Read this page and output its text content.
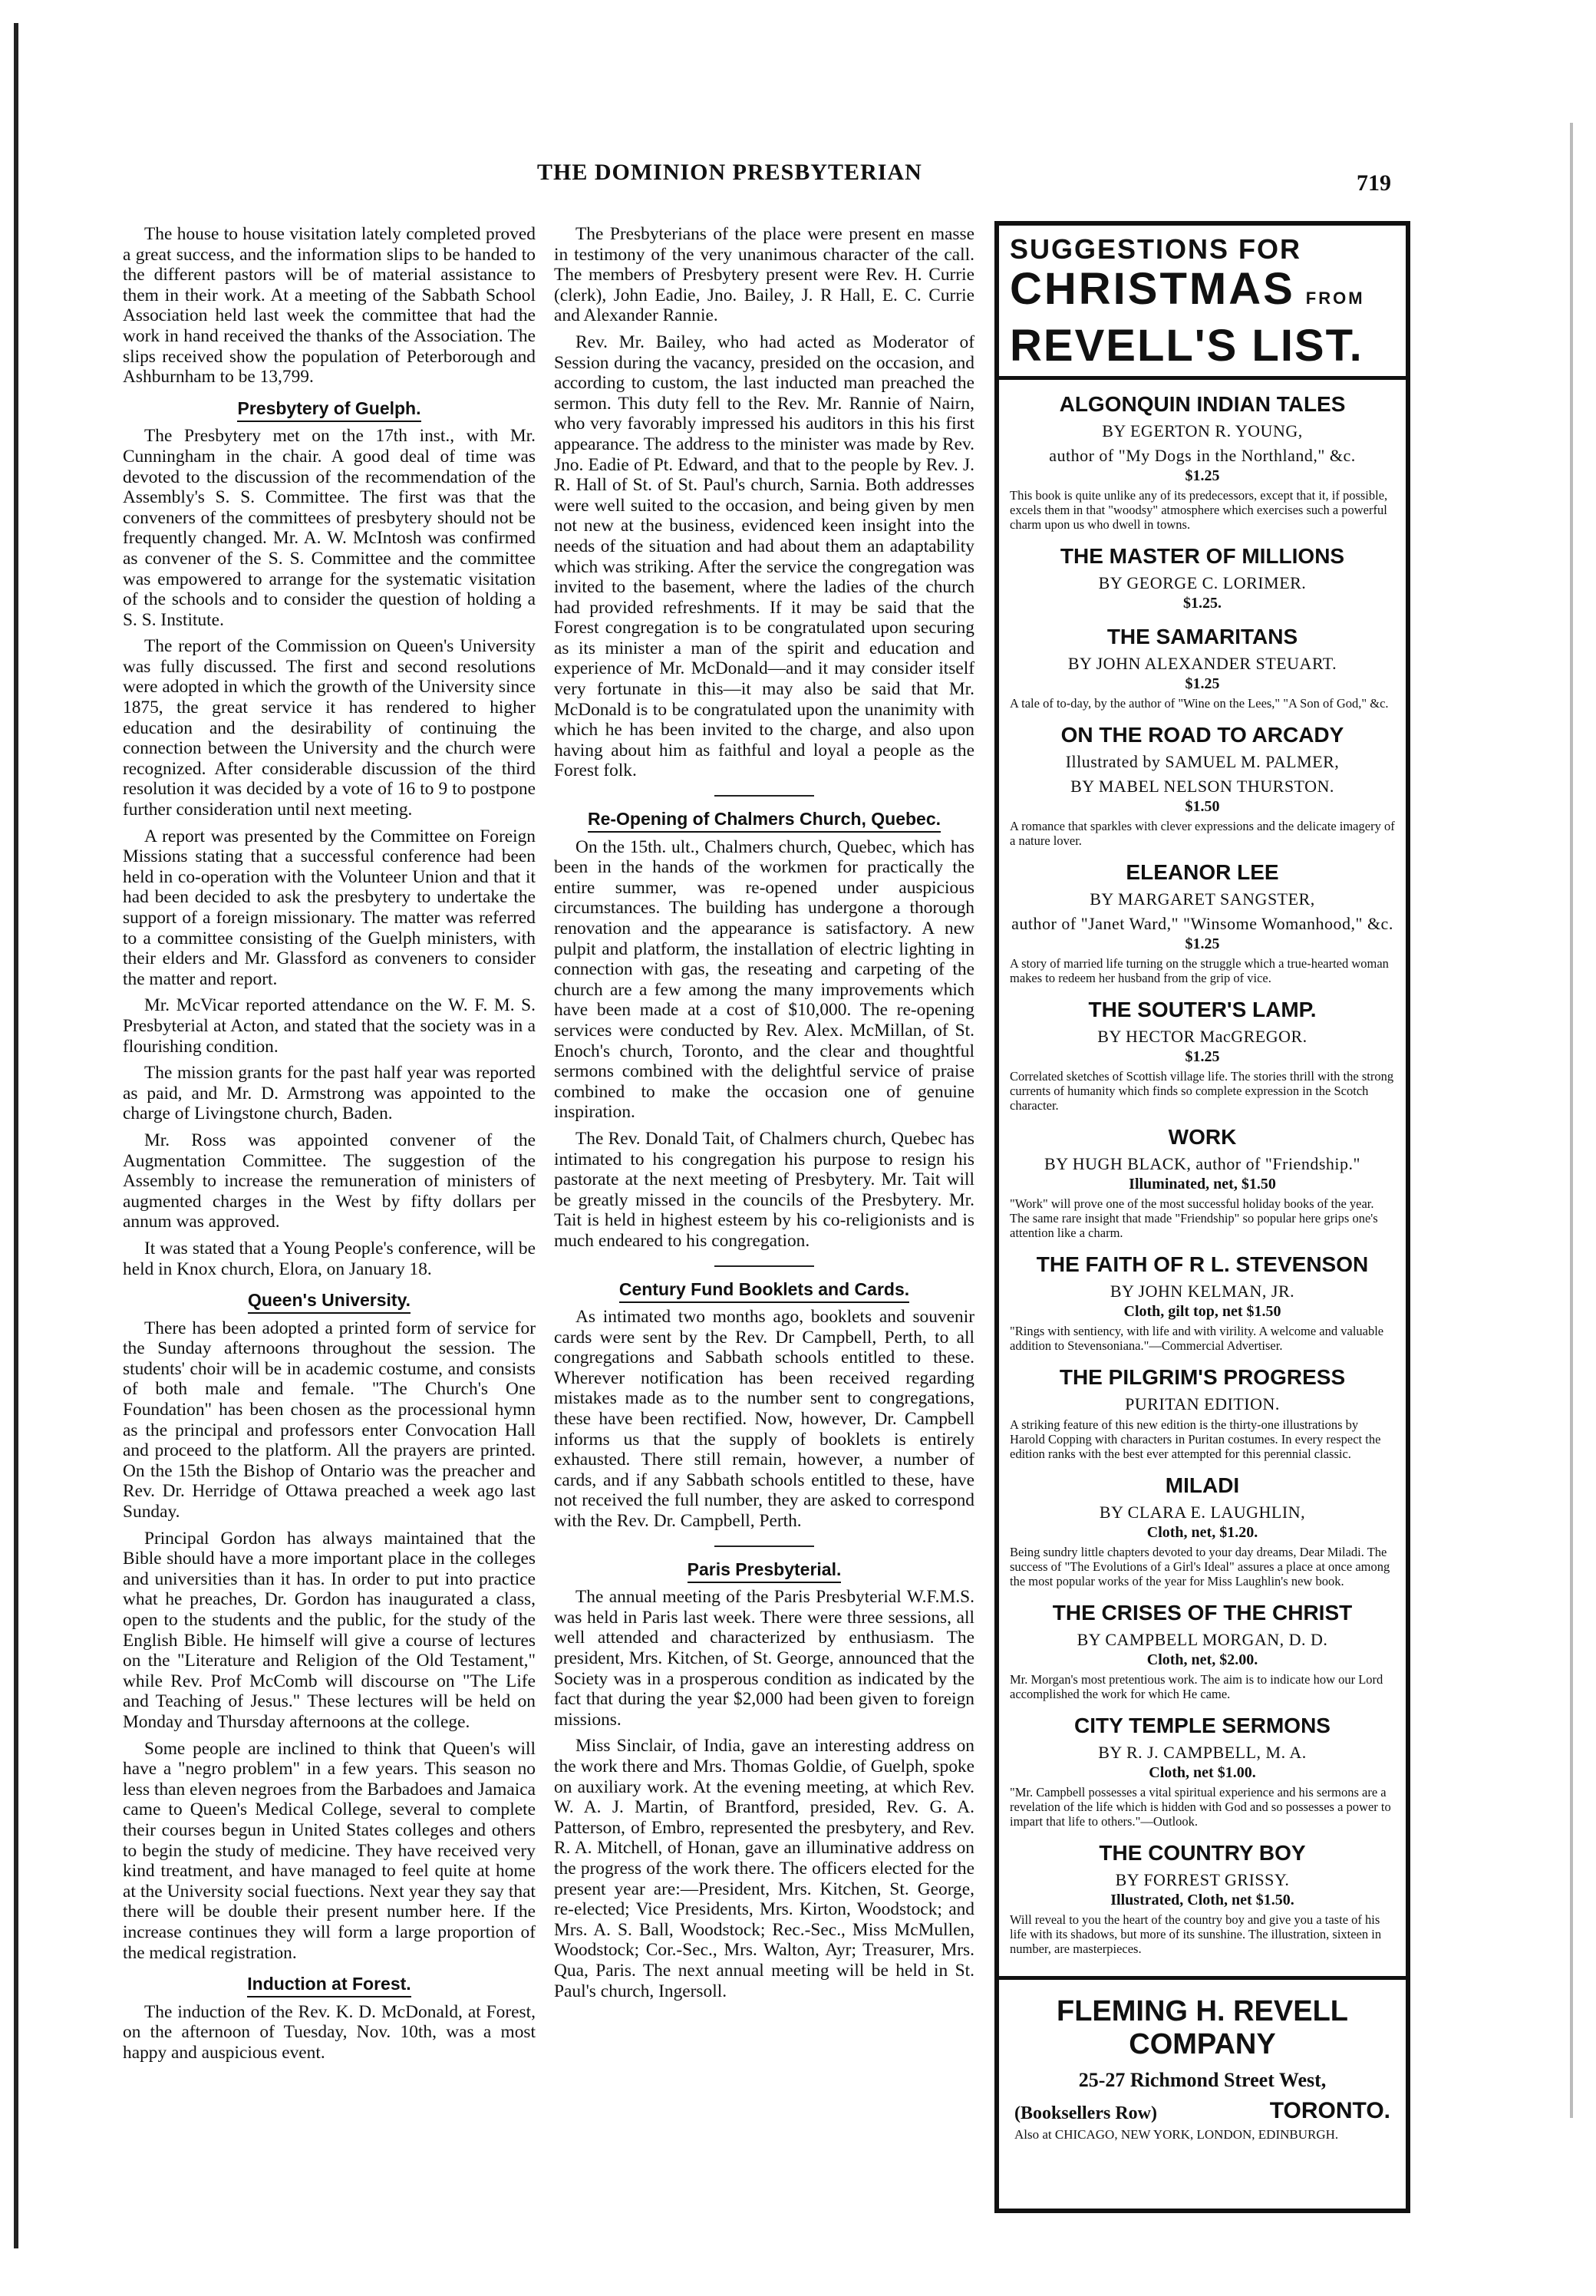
THE DOMINION PRESBYTERIAN	719

The house to house visitation lately completed proved a great success, and the information slips to be handed to the different pastors will be of material assistance to them in their work. At a meeting of the Sabbath School Association held last week the committee that had the work in hand received the thanks of the Association. The slips received show the population of Peterborough and Ashburnham to be 13,799.

Presbytery of Guelph.

The Presbytery met on the 17th inst., with Mr. Cunningham in the chair. A good deal of time was devoted to the discussion of the recommendation of the Assembly's S. S. Committee. The first was that the conveners of the committees of presbytery should not be frequently changed. Mr. A. W. McIntosh was confirmed as convener of the S. S. Committee and the committee was empowered to arrange for the systematic visitation of the schools and to consider the question of holding a S. S. Institute.

The report of the Commission on Queen's University was fully discussed. The first and second resolutions were adopted in which the growth of the University since 1875, the great service it has rendered to higher education and the desirability of continuing the connection between the University and the church were recognized. After considerable discussion of the third resolution it was decided by a vote of 16 to 9 to postpone further consideration until next meeting.

A report was presented by the Committee on Foreign Missions stating that a successful conference had been held in co-operation with the Volunteer Union and that it had been decided to ask the presbytery to undertake the support of a foreign missionary. The matter was referred to a committee consisting of the Guelph ministers, with their elders and Mr. Glassford as conveners to consider the matter and report.

Mr. McVicar reported attendance on the W. F. M. S. Presbyterial at Acton, and stated that the society was in a flourishing condition.

The mission grants for the past half year was reported as paid, and Mr. D. Armstrong was appointed to the charge of Livingstone church, Baden.

Mr. Ross was appointed convener of the Augmentation Committee. The suggestion of the Assembly to increase the remuneration of ministers of augmented charges in the West by fifty dollars per annum was approved.

It was stated that a Young People's conference, will be held in Knox church, Elora, on January 18.

Queen's University.

There has been adopted a printed form of service for the Sunday afternoons throughout the session. The students' choir will be in academic costume, and consists of both male and female. "The Church's One Foundation" has been chosen as the processional hymn as the principal and professors enter Convocation Hall and proceed to the platform. All the prayers are printed. On the 15th the Bishop of Ontario was the preacher and Rev. Dr. Herridge of Ottawa preached a week ago last Sunday.

Principal Gordon has always maintained that the Bible should have a more important place in the colleges and universities than it has. In order to put into practice what he preaches, Dr. Gordon has inaugurated a class, open to the students and the public, for the study of the English Bible. He himself will give a course of lectures on the "Literature and Religion of the Old Testament," while Rev. Prof McComb will discourse on "The Life and Teaching of Jesus." These lectures will be held on Monday and Thursday afternoons at the college.

Some people are inclined to think that Queen's will have a "negro problem" in a few years. This season no less than eleven negroes from the Barbadoes and Jamaica came to Queen's Medical College, several to complete their courses begun in United States colleges and others to begin the study of medicine. They have received very kind treatment, and have managed to feel quite at home at the University social fuections. Next year they say that there will be double their present number here. If the increase continues they will form a large proportion of the medical registration.

Induction at Forest.

The induction of the Rev. K. D. McDonald, at Forest, on the afternoon of Tuesday, Nov. 10th, was a most happy and auspicious event.

The Presbyterians of the place were present en masse in testimony of the very unanimous character of the call. The members of Presbytery present were Rev. H. Currie (clerk), John Eadie, Jno. Bailey, J. R Hall, E. C. Currie and Alexander Rannie.

Rev. Mr. Bailey, who had acted as Moderator of Session during the vacancy, presided on the occasion, and according to custom, the last inducted man preached the sermon. This duty fell to the Rev. Mr. Rannie of Nairn, who very favorably impressed his auditors in this his first appearance. The address to the minister was made by Rev. Jno. Eadie of Pt. Edward, and that to the people by Rev. J. R. Hall of St. of St. Paul's church, Sarnia. Both addresses were well suited to the occasion, and being given by men not new at the business, evidenced keen insight into the needs of the situation and had about them an adaptability which was striking. After the service the congregation was invited to the basement, where the ladies of the church had provided refreshments. If it may be said that the Forest congregation is to be congratulated upon securing as its minister a man of the spirit and education and experience of Mr. McDonald—and it may consider itself very fortunate in this—it may also be said that Mr. McDonald is to be congratulated upon the unanimity with which he has been invited to the charge, and also upon having about him as faithful and loyal a people as the Forest folk.

Re-Opening of Chalmers Church, Quebec.

On the 15th. ult., Chalmers church, Quebec, which has been in the hands of the workmen for practically the entire summer, was re-opened under auspicious circumstances. The building has undergone a thorough renovation and the appearance is satisfactory. A new pulpit and platform, the installation of electric lighting in connection with gas, the reseating and carpeting of the church are a few among the many improvements which have been made at a cost of $10,000. The re-opening services were conducted by Rev. Alex. McMillan, of St. Enoch's church, Toronto, and the clear and thoughtful sermons combined with the delightful service of praise combined to make the occasion one of genuine inspiration.

The Rev. Donald Tait, of Chalmers church, Quebec has intimated to his congregation his purpose to resign his pastorate at the next meeting of Presbytery. Mr. Tait will be greatly missed in the councils of the Presbytery. Mr. Tait is held in highest esteem by his co-religionists and is much endeared to his congregation.

Century Fund Booklets and Cards.

As intimated two months ago, booklets and souvenir cards were sent by the Rev. Dr Campbell, Perth, to all congregations and Sabbath schools entitled to these. Wherever notification has been received regarding mistakes made as to the number sent to congregations, these have been rectified. Now, however, Dr. Campbell informs us that the supply of booklets is entirely exhausted. There still remain, however, a number of cards, and if any Sabbath schools entitled to these, have not received the full number, they are asked to correspond with the Rev. Dr. Campbell, Perth.

Paris Presbyterial.

The annual meeting of the Paris Presbyterial W.F.M.S. was held in Paris last week. There were three sessions, all well attended and characterized by enthusiasm. The president, Mrs. Kitchen, of St. George, announced that the Society was in a prosperous condition as indicated by the fact that during the year $2,000 had been given to foreign missions.

Miss Sinclair, of India, gave an interesting address on the work there and Mrs. Thomas Goldie, of Guelph, spoke on auxiliary work. At the evening meeting, at which Rev. W. A. J. Martin, of Brantford, presided, Rev. G. A. Patterson, of Embro, represented the presbytery, and Rev. R. A. Mitchell, of Honan, gave an illuminative address on the progress of the work there. The officers elected for the present year are:—President, Mrs. Kitchen, St. George, re-elected; Vice Presidents, Mrs. Kirton, Woodstock; and Mrs. A. S. Ball, Woodstock; Rec.-Sec., Miss McMullen, Woodstock; Cor.-Sec., Mrs. Walton, Ayr; Treasurer, Mrs. Qua, Paris. The next annual meeting will be held in St. Paul's church, Ingersoll.

SUGGESTIONS FOR
CHRISTMAS FROM
REVELL'S LIST.
ALGONQUIN INDIAN TALES
BY EGERTON R. YOUNG,
author of "My Dogs in the Northland," &c.
$1.25
This book is quite unlike any of its predecessors, except that it, if possible, excels them in that "woodsy" atmosphere which exercises such a powerful charm upon us who dwell in towns.
THE MASTER OF MILLIONS
BY GEORGE C. LORIMER.
$1.25.
THE SAMARITANS
BY JOHN ALEXANDER STEUART.
$1.25
A tale of to-day, by the author of "Wine on the Lees," "A Son of God," &c.
ON THE ROAD TO ARCADY
Illustrated by SAMUEL M. PALMER,
BY MABEL NELSON THURSTON.
$1.50
A romance that sparkles with clever expressions and the delicate imagery of a nature lover.
ELEANOR LEE
BY MARGARET SANGSTER,
author of "Janet Ward," "Winsome Womanhood," &c.
$1.25
A story of married life turning on the struggle which a true-hearted woman makes to redeem her husband from the grip of vice.
THE SOUTER'S LAMP.
BY HECTOR MacGREGOR.
$1.25
Correlated sketches of Scottish village life. The stories thrill with the strong currents of humanity which finds so complete expression in the Scotch character.
WORK
BY HUGH BLACK, author of "Friendship."
Illuminated, net, $1.50
"Work" will prove one of the most successful holiday books of the year. The same rare insight that made "Friendship" so popular here grips one's attention like a charm.
THE FAITH OF R L. STEVENSON
BY JOHN KELMAN, JR.
Cloth, gilt top, net $1.50
"Rings with sentiency, with life and with virility. A welcome and valuable addition to Stevensoniana."—Commercial Advertiser.
THE PILGRIM'S PROGRESS
PURITAN EDITION.
A striking feature of this new edition is the thirty-one illustrations by Harold Copping with characters in Puritan costumes. In every respect the edition ranks with the best ever attempted for this perennial classic.
MILADI
BY CLARA E. LAUGHLIN,
Cloth, net, $1.20.
Being sundry little chapters devoted to your day dreams, Dear Miladi. The success of "The Evolutions of a Girl's Ideal" assures a place at once among the most popular works of the year for Miss Laughlin's new book.
THE CRISES OF THE CHRIST
BY CAMPBELL MORGAN, D. D.
Cloth, net, $2.00.
Mr. Morgan's most pretentious work. The aim is to indicate how our Lord accomplished the work for which He came.
CITY TEMPLE SERMONS
BY R. J. CAMPBELL, M. A.
Cloth, net $1.00.
"Mr. Campbell possesses a vital spiritual experience and his sermons are a revelation of the life which is hidden with God and so possesses a power to impart that life to others."—Outlook.
THE COUNTRY BOY
BY FORREST GRISSY.
Illustrated, Cloth, net $1.50.
Will reveal to you the heart of the country boy and give you a taste of his life with its shadows, but more of its sunshine. The illustration, sixteen in number, are masterpieces.
FLEMING H. REVELL COMPANY
25-27 Richmond Street West,
(Booksellers Row)	TORONTO.
Also at CHICAGO, NEW YORK, LONDON, EDINBURGH.
